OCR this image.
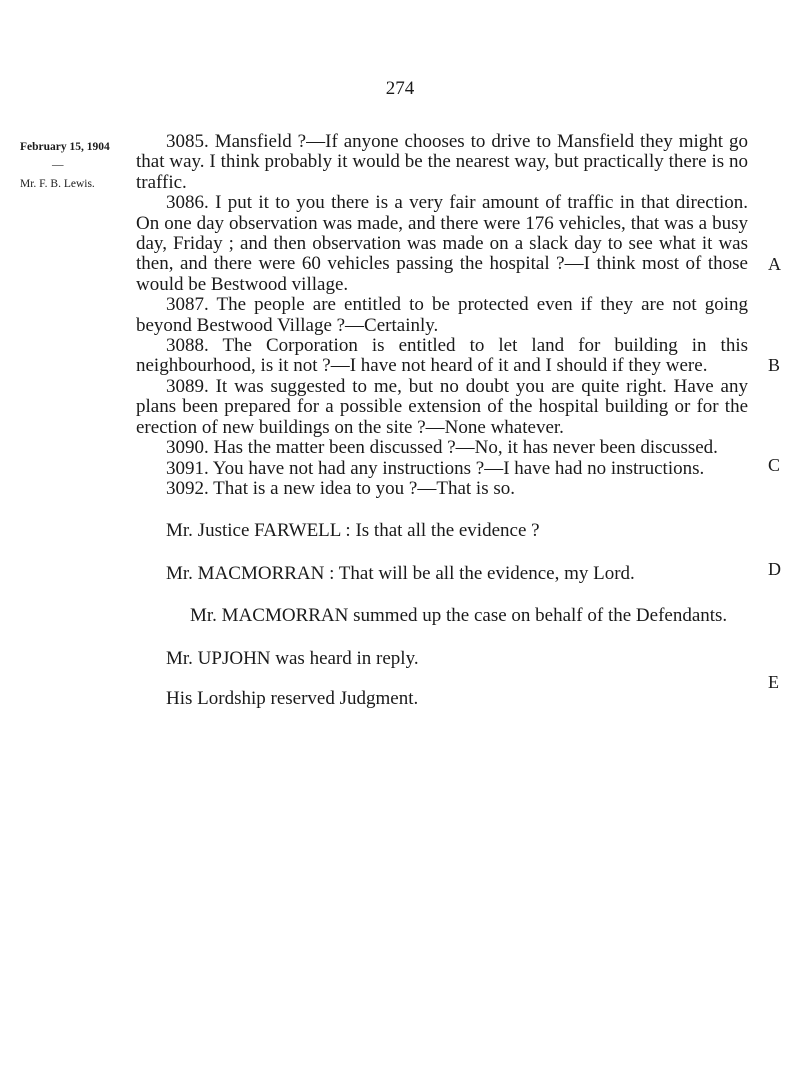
274
February 15, 1904
—
Mr. F. B. Lewis.
A
B
C
D
E

3085. Mansfield ?—If anyone chooses to drive to Mansfield they might go that way. I think probably it would be the nearest way, but practically there is no traffic.

3086. I put it to you there is a very fair amount of traffic in that direction. On one day observation was made, and there were 176 vehicles, that was a busy day, Friday ; and then observation was made on a slack day to see what it was then, and there were 60 vehicles passing the hospital ?—I think most of those would be Bestwood village.

3087. The people are entitled to be protected even if they are not going beyond Bestwood Village ?—Certainly.

3088. The Corporation is entitled to let land for building in this neighbourhood, is it not ?—I have not heard of it and I should if they were.

3089. It was suggested to me, but no doubt you are quite right. Have any plans been prepared for a possible extension of the hospital building or for the erection of new buildings on the site ?—None whatever.

3090. Has the matter been discussed ?—No, it has never been discussed.

3091. You have not had any instructions ?—I have had no instructions.

3092. That is a new idea to you ?—That is so.

Mr. Justice FARWELL : Is that all the evidence ?

Mr. MACMORRAN : That will be all the evidence, my Lord.

Mr. MACMORRAN summed up the case on behalf of the Defendants.

Mr. UPJOHN was heard in reply.

His Lordship reserved Judgment.
